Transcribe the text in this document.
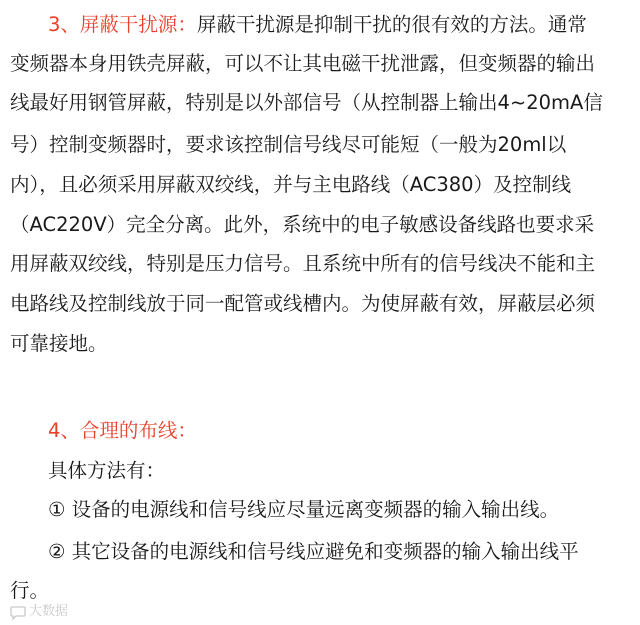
3、屏蔽干扰源：屏蔽干扰源是抑制干扰的很有效的方法。通常
变频器本身用铁壳屏蔽，可以不让其电磁干扰泄露，但变频器的输出
线最好用钢管屏蔽，特别是以外部信号（从控制器上输出4~20mA信
号）控制变频器时，要求该控制信号线尽可能短（一般为20ml以
内），且必须采用屏蔽双绞线，并与主电路线（AC380）及控制线
（AC220V）完全分离。此外，系统中的电子敏感设备线路也要求采
用屏蔽双绞线，特别是压力信号。且系统中所有的信号线决不能和主
电路线及控制线放于同一配管或线槽内。为使屏蔽有效，屏蔽层必须
可靠接地。
4、合理的布线：
具体方法有：
① 设备的电源线和信号线应尽量远离变频器的输入输出线。
② 其它设备的电源线和信号线应避免和变频器的输入输出线平
行。
大数据
